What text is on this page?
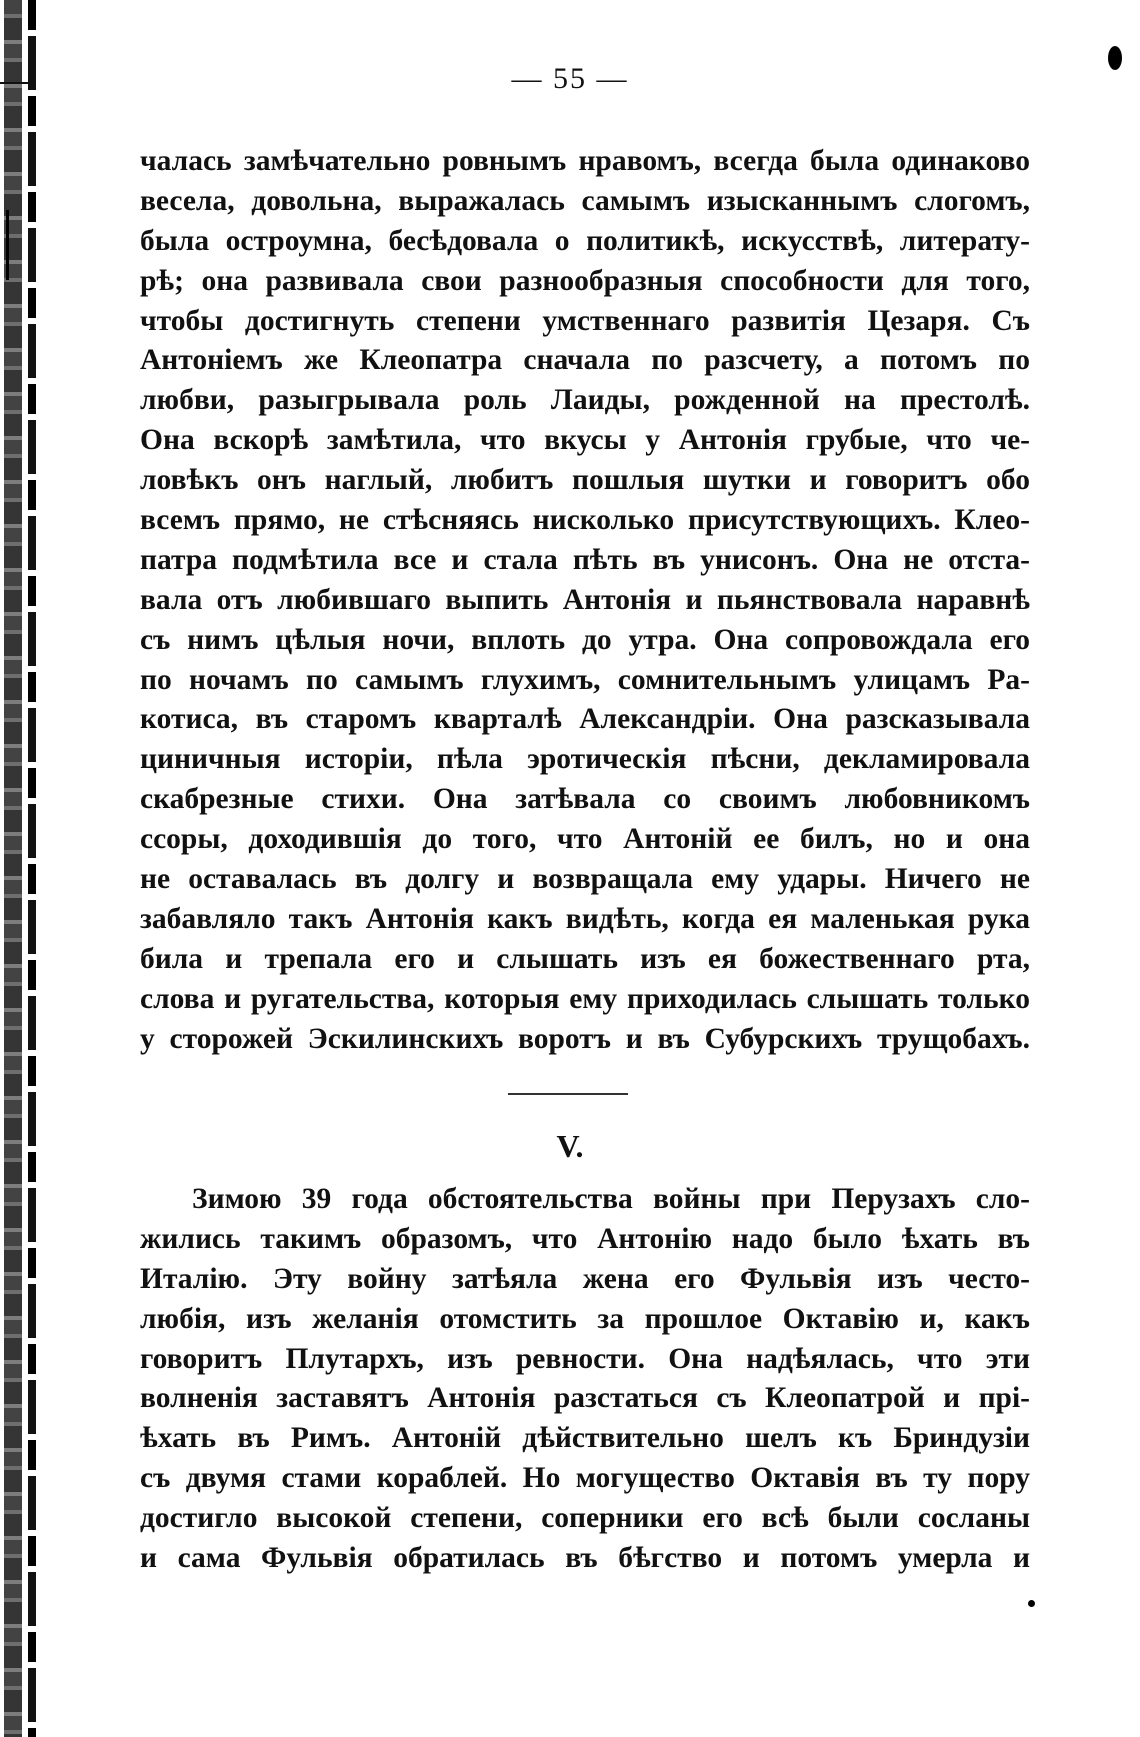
— 55 —
чалась замѣчательно ровнымъ нравомъ, всегда была одинаково
весела, довольна, выражалась самымъ изысканнымъ слогомъ,
была остроумна, бесѣдовала о политикѣ, искусствѣ, литерату-
рѣ; она развивала свои разнообразныя способности для того,
чтобы достигнуть степени умственнаго развитія Цезаря. Съ
Антоніемъ же Клеопатра сначала по разсчету, а потомъ по
любви, разыгрывала роль Лаиды, рожденной на престолѣ.
Она вскорѣ замѣтила, что вкусы у Антонія грубые, что че-
ловѣкъ онъ наглый, любитъ пошлыя шутки и говоритъ обо
всемъ прямо, не стѣсняясь нисколько присутствующихъ. Клео-
патра подмѣтила все и стала пѣть въ унисонъ. Она не отста-
вала отъ любившаго выпить Антонія и пьянствовала наравнѣ
съ нимъ цѣлыя ночи, вплоть до утра. Она сопровождала его
по ночамъ по самымъ глухимъ, сомнительнымъ улицамъ Ра-
котиса, въ старомъ кварталѣ Александріи. Она разсказывала
циничныя исторіи, пѣла эротическія пѣсни, декламировала
скабрезные стихи. Она затѣвала со своимъ любовникомъ
ссоры, доходившія до того, что Антоній ее билъ, но и она
не оставалась въ долгу и возвращала ему удары. Ничего не
забавляло такъ Антонія какъ видѣть, когда ея маленькая рука
била и трепала его и слышать изъ ея божественнаго рта,
слова и ругательства, которыя ему приходилась слышать только
у сторожей Эскилинскихъ воротъ и въ Субурскихъ трущобахъ.
V.
Зимою 39 года обстоятельства войны при Перузахъ сло-
жились такимъ образомъ, что Антонію надо было ѣхать въ
Италію. Эту войну затѣяла жена его Фульвія изъ често-
любія, изъ желанія отомстить за прошлое Октавію и, какъ
говоритъ Плутархъ, изъ ревности. Она надѣялась, что эти
волненія заставятъ Антонія разстаться съ Клеопатрой и прі-
ѣхать въ Римъ. Антоній дѣйствительно шелъ къ Бриндузіи
съ двумя стами кораблей. Но могущество Октавія въ ту пору
достигло высокой степени, соперники его всѣ были сосланы
и сама Фульвія обратилась въ бѣгство и потомъ умерла и
